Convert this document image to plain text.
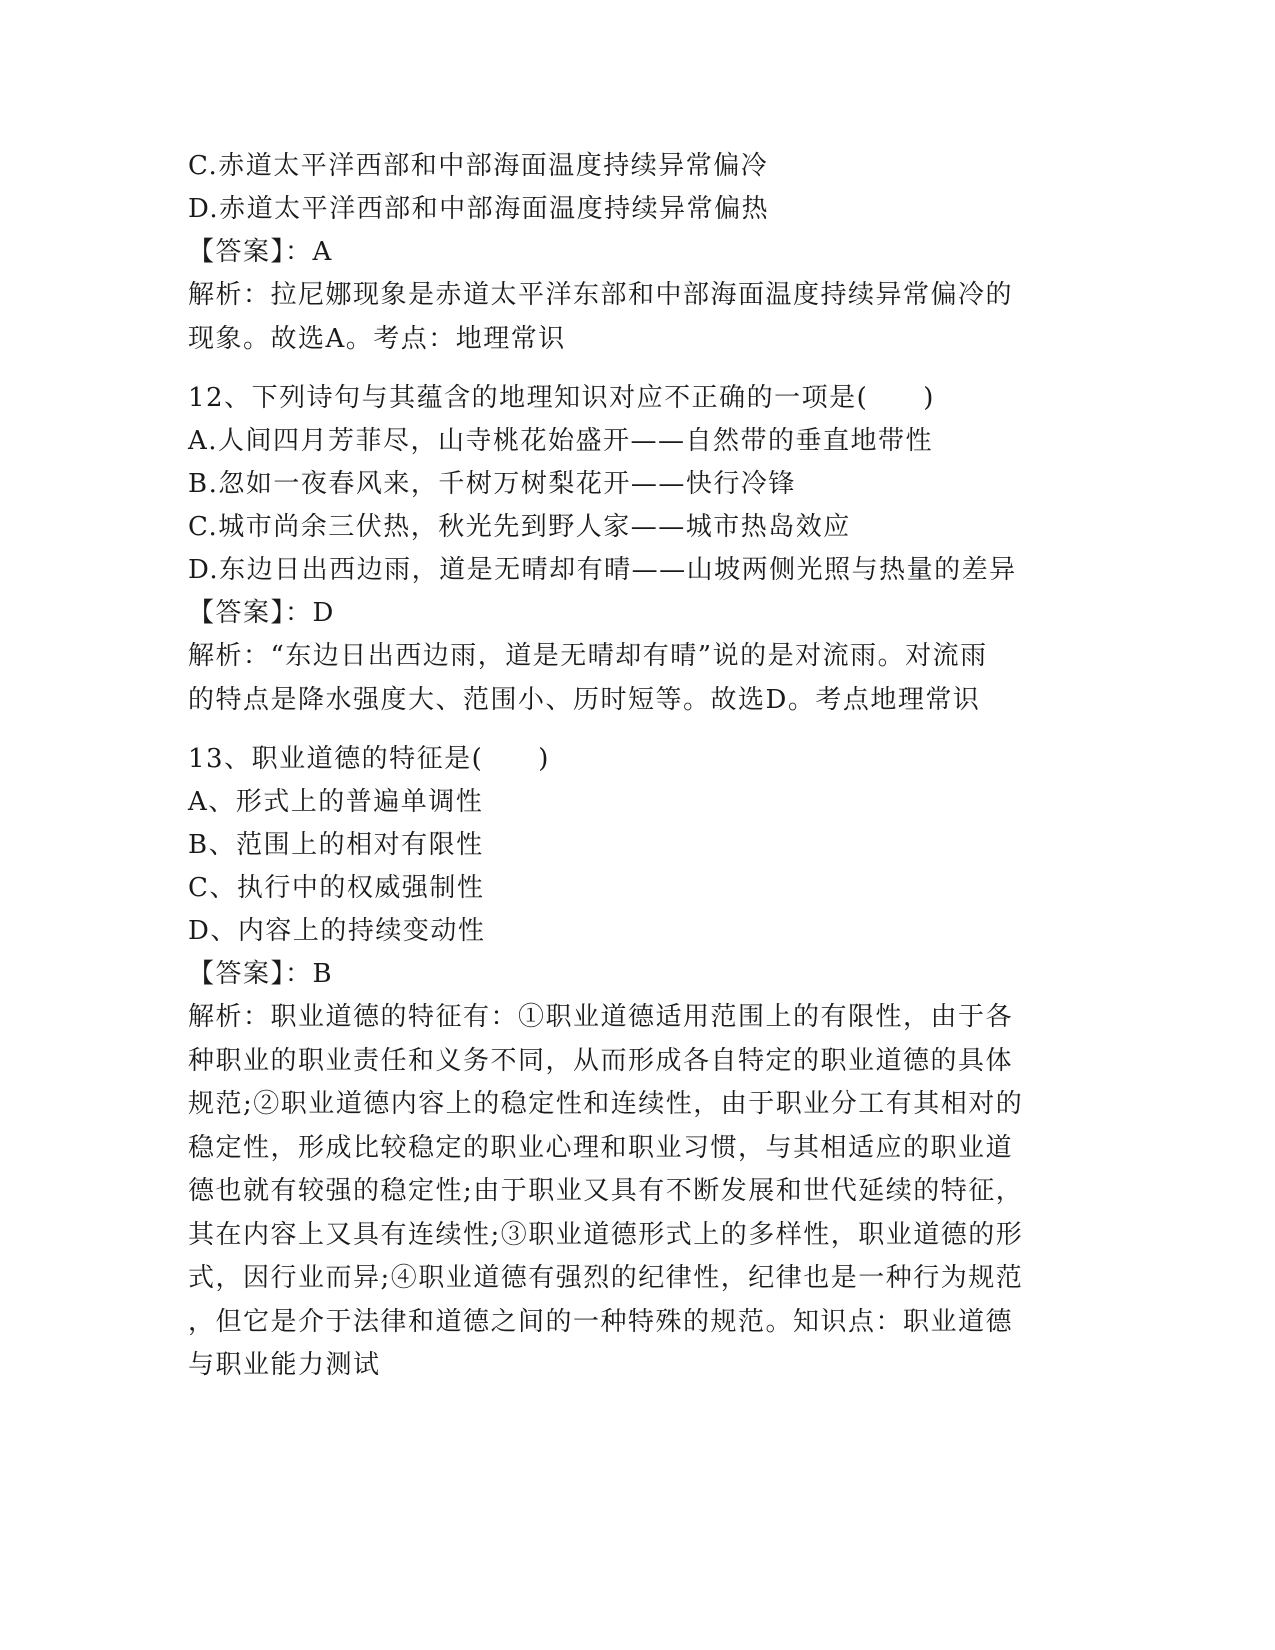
C.赤道太平洋西部和中部海面温度持续异常偏冷
D.赤道太平洋西部和中部海面温度持续异常偏热
【答案】：A
解析：拉尼娜现象是赤道太平洋东部和中部海面温度持续异常偏冷的
现象。故选A。考点：地理常识
12、下列诗句与其蕴含的地理知识对应不正确的一项是(　　)
A.人间四月芳菲尽，山寺桃花始盛开——自然带的垂直地带性
B.忽如一夜春风来，千树万树梨花开——快行冷锋
C.城市尚余三伏热，秋光先到野人家——城市热岛效应
D.东边日出西边雨，道是无晴却有晴——山坡两侧光照与热量的差异
【答案】：D
解析：“东边日出西边雨，道是无晴却有晴”说的是对流雨。对流雨
的特点是降水强度大、范围小、历时短等。故选D。考点地理常识
13、职业道德的特征是(　　)
A、形式上的普遍单调性
B、范围上的相对有限性
C、执行中的权威强制性
D、内容上的持续变动性
【答案】：B
解析：职业道德的特征有：①职业道德适用范围上的有限性，由于各
种职业的职业责任和义务不同，从而形成各自特定的职业道德的具体
规范;②职业道德内容上的稳定性和连续性，由于职业分工有其相对的
稳定性，形成比较稳定的职业心理和职业习惯，与其相适应的职业道
德也就有较强的稳定性;由于职业又具有不断发展和世代延续的特征，
其在内容上又具有连续性;③职业道德形式上的多样性，职业道德的形
式，因行业而异;④职业道德有强烈的纪律性，纪律也是一种行为规范
，但它是介于法律和道德之间的一种特殊的规范。知识点：职业道德
与职业能力测试
